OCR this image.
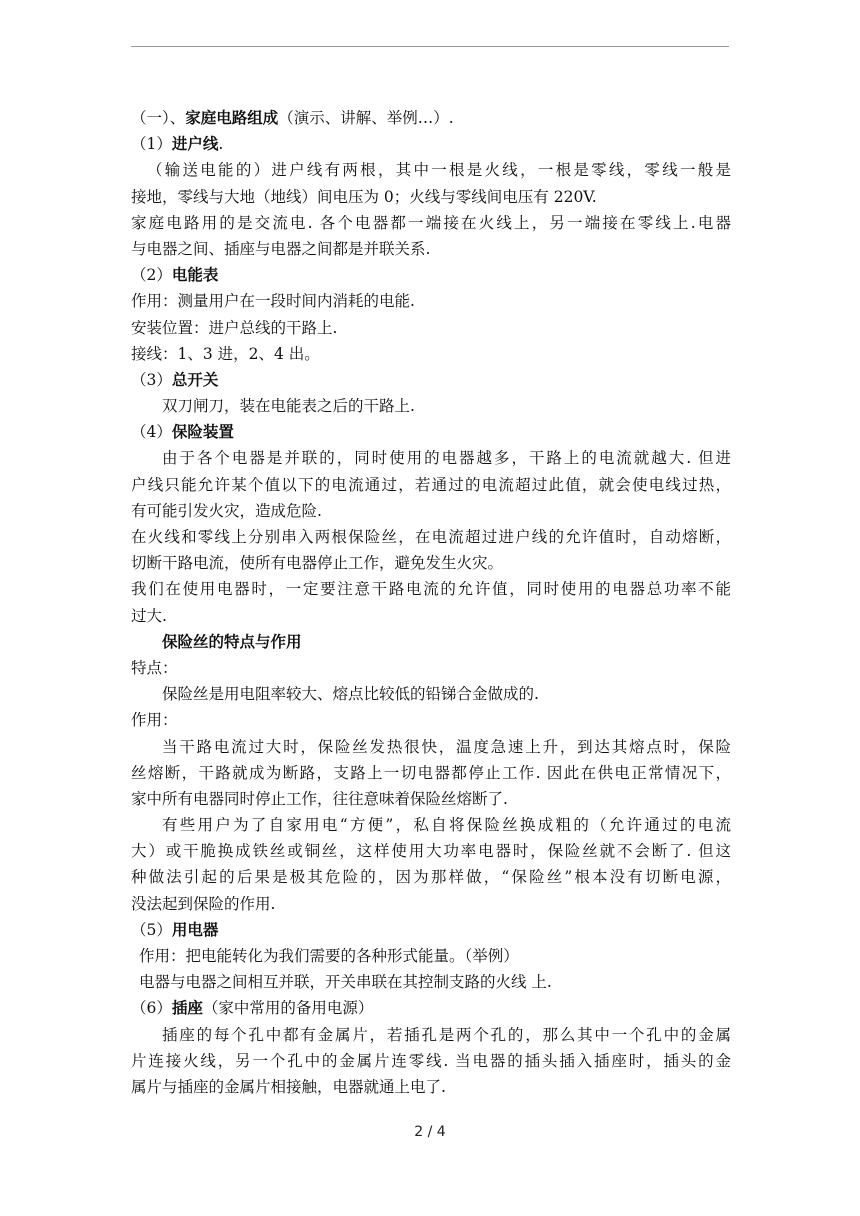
（一）、家庭电路组成（演示、讲解、举例…）.
（1）进户线.
（输送电能的）进户线有两根，其中一根是火线，一根是零线，零线一般是
接地，零线与大地（地线）间电压为 0；火线与零线间电压有 220V.
家庭电路用的是交流电. 各个电器都一端接在火线上，另一端接在零线上.电器
与电器之间、插座与电器之间都是并联关系.
（2）电能表
作用：测量用户在一段时间内消耗的电能.
安装位置：进户总线的干路上.
接线：1、3 进，2、4 出。
（3）总开关
双刀闸刀，装在电能表之后的干路上.
（4）保险装置
由于各个电器是并联的，同时使用的电器越多，干路上的电流就越大. 但进
户线只能允许某个值以下的电流通过，若通过的电流超过此值，就会使电线过热，
有可能引发火灾，造成危险.
在火线和零线上分别串入两根保险丝，在电流超过进户线的允许值时，自动熔断，
切断干路电流，使所有电器停止工作，避免发生火灾。
我们在使用电器时，一定要注意干路电流的允许值，同时使用的电器总功率不能
过大.
保险丝的特点与作用
特点：
保险丝是用电阻率较大、熔点比较低的铅锑合金做成的.
作用：
当干路电流过大时，保险丝发热很快，温度急速上升，到达其熔点时，保险
丝熔断，干路就成为断路，支路上一切电器都停止工作. 因此在供电正常情况下，
家中所有电器同时停止工作，往往意味着保险丝熔断了.
有些用户为了自家用电“方便”，私自将保险丝换成粗的（允许通过的电流
大）或干脆换成铁丝或铜丝，这样使用大功率电器时，保险丝就不会断了. 但这
种做法引起的后果是极其危险的，因为那样做，“保险丝”根本没有切断电源，
没法起到保险的作用.
（5）用电器
作用：把电能转化为我们需要的各种形式能量。（举例）
电器与电器之间相互并联，开关串联在其控制支路的火线 上.
（6）插座（家中常用的备用电源）
插座的每个孔中都有金属片，若插孔是两个孔的，那么其中一个孔中的金属
片连接火线，另一个孔中的金属片连零线. 当电器的插头插入插座时，插头的金
属片与插座的金属片相接触，电器就通上电了.
2 / 4
